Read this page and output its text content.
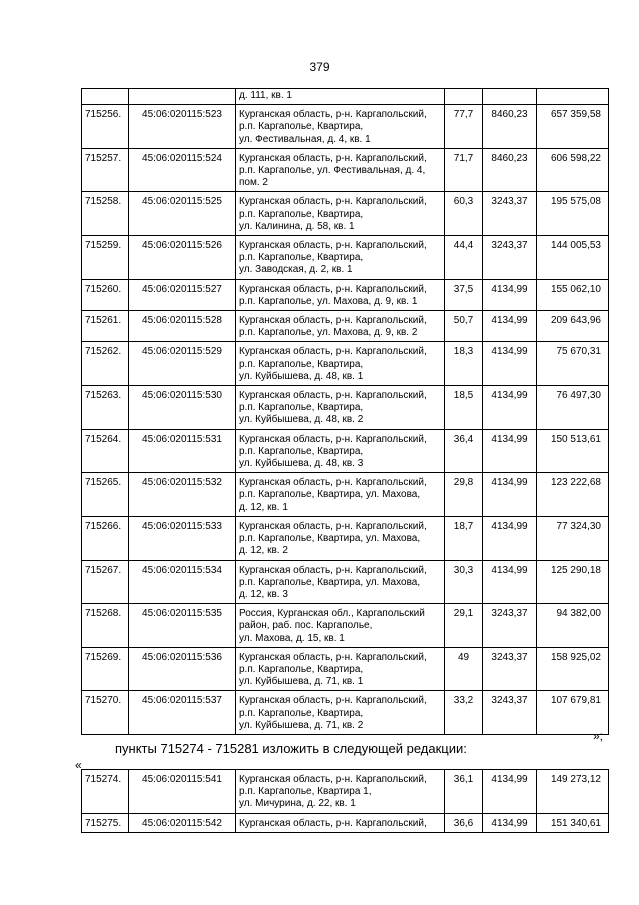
379

		д. 111, кв. 1			

715256.	45:06:020115:523	Курганская область, р-н. Каргапольский,
р.п. Каргаполье, Квартира,
ул. Фестивальная, д. 4, кв. 1	77,7	8460,23	657 359,58
715257.	45:06:020115:524	Курганская область, р-н. Каргапольский,
р.п. Каргаполье, ул. Фестивальная, д. 4,
пом. 2	71,7	8460,23	606 598,22
715258.	45:06:020115:525	Курганская область, р-н. Каргапольский,
р.п. Каргаполье, Квартира,
ул. Калинина, д. 58, кв. 1	60,3	3243,37	195 575,08
715259.	45:06:020115:526	Курганская область, р-н. Каргапольский,
р.п. Каргаполье, Квартира,
ул. Заводская, д. 2, кв. 1	44,4	3243,37	144 005,53
715260.	45:06:020115:527	Курганская область, р-н. Каргапольский,
р.п. Каргаполье, ул. Махова, д. 9, кв. 1	37,5	4134,99	155 062,10
715261.	45:06:020115:528	Курганская область, р-н. Каргапольский,
р.п. Каргаполье, ул. Махова, д. 9, кв. 2	50,7	4134,99	209 643,96
715262.	45:06:020115:529	Курганская область, р-н. Каргапольский,
р.п. Каргаполье, Квартира,
ул. Куйбышева, д. 48, кв. 1	18,3	4134,99	75 670,31
715263.	45:06:020115:530	Курганская область, р-н. Каргапольский,
р.п. Каргаполье, Квартира,
ул. Куйбышева, д. 48, кв. 2	18,5	4134,99	76 497,30
715264.	45:06:020115:531	Курганская область, р-н. Каргапольский,
р.п. Каргаполье, Квартира,
ул. Куйбышева, д. 48, кв. 3	36,4	4134,99	150 513,61
715265.	45:06:020115:532	Курганская область, р-н. Каргапольский,
р.п. Каргаполье, Квартира, ул. Махова,
д. 12, кв. 1	29,8	4134,99	123 222,68
715266.	45:06:020115:533	Курганская область, р-н. Каргапольский,
р.п. Каргаполье, Квартира, ул. Махова,
д. 12, кв. 2	18,7	4134,99	77 324,30
715267.	45:06:020115:534	Курганская область, р-н. Каргапольский,
р.п. Каргаполье, Квартира, ул. Махова,
д. 12, кв. 3	30,3	4134,99	125 290,18
715268.	45:06:020115:535	Россия, Курганская обл., Каргапольский
район, раб. пос. Каргаполье,
ул. Махова, д. 15, кв. 1	29,1	3243,37	94 382,00
715269.	45:06:020115:536	Курганская область, р-н. Каргапольский,
р.п. Каргаполье, Квартира,
ул. Куйбышева, д. 71, кв. 1	49	3243,37	158 925,02
715270.	45:06:020115:537	Курганская область, р-н. Каргапольский,
р.п. Каргаполье, Квартира,
ул. Куйбышева, д. 71, кв. 2	33,2	3243,37	107 679,81
»;
пункты 715274 - 715281 изложить в следующей редакции:
«
715274.	45:06:020115:541	Курганская область, р-н. Каргапольский,
р.п. Каргаполье, Квартира 1,
ул. Мичурина, д. 22, кв. 1	36,1	4134,99	149 273,12
715275.	45:06:020115:542	Курганская область, р-н. Каргапольский,	36,6	4134,99	151 340,61
